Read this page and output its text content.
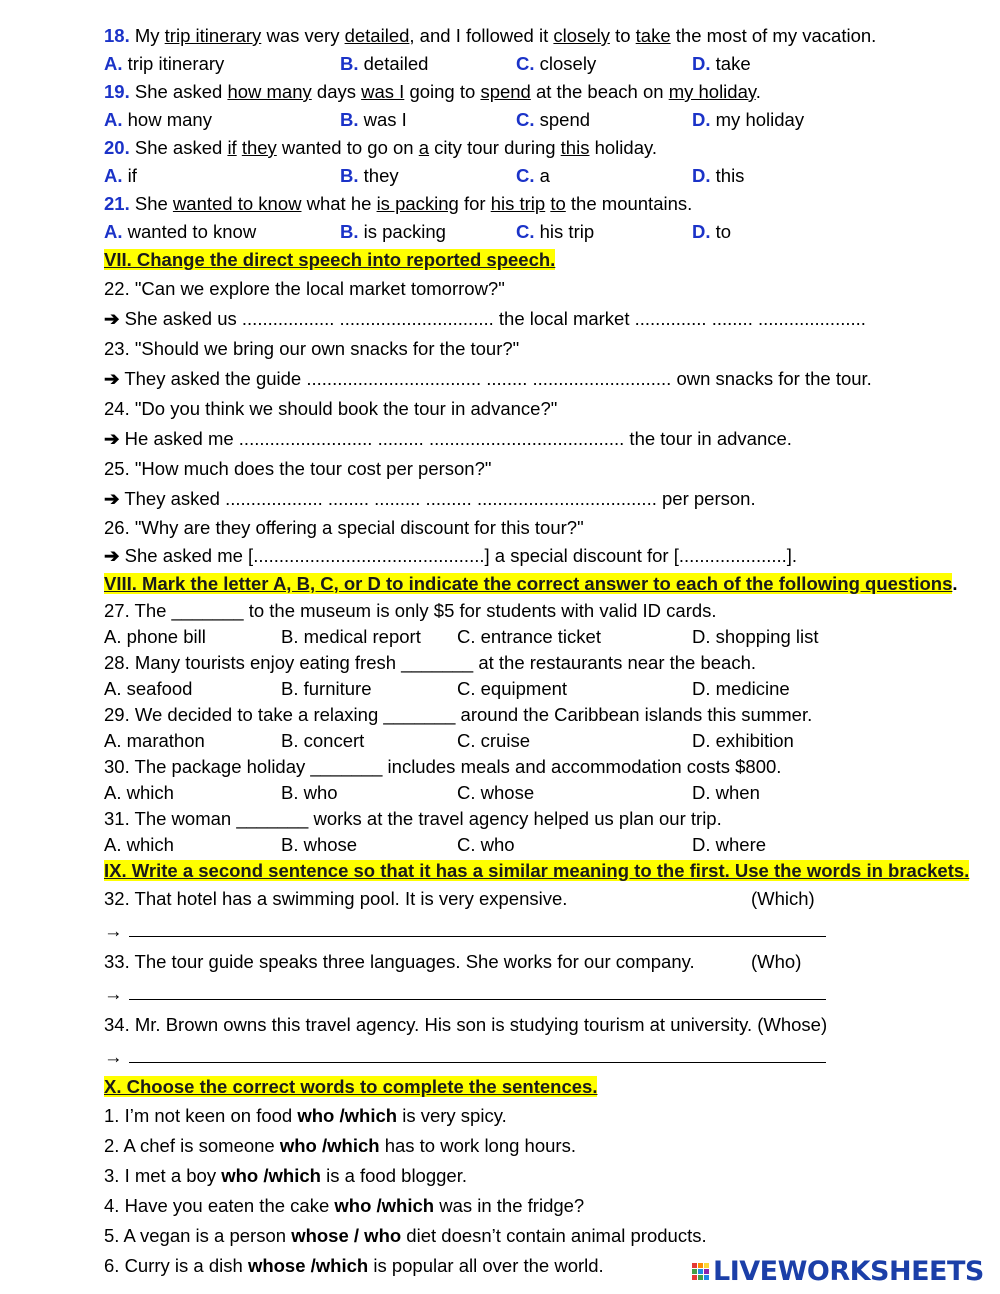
18. My trip itinerary was very detailed, and I followed it closely to take the most of my vacation.
A. trip itinerary	B. detailed	C. closely	D. take
19. She asked how many days was I going to spend at the beach on my holiday.
A. how many	B. was I	C. spend	D. my holiday
20. She asked if they wanted to go on a city tour during this holiday.
A. if	B. they	C. a	D. this
21. She wanted to know what he is packing for his trip to the mountains.
A. wanted to know	B. is packing	C. his trip	D. to
VII. Change the direct speech into reported speech.
22. "Can we explore the local market tomorrow?"
➔ She asked us .................. .............................. the local market .............. ........ .....................
23. "Should we bring our own snacks for the tour?"
➔ They asked the guide .................................. ........ ........................... own snacks for the tour.
24. "Do you think we should book the tour in advance?"
➔ He asked me .......................... ......... ...................................... the tour in advance.
25. "How much does the tour cost per person?"
➔ They asked ................... ........ ......... ......... ................................... per person.
26. "Why are they offering a special discount for this tour?"
➔ She asked me [.............................................] a special discount for [.....................].
VIII. Mark the letter A, B, C, or D to indicate the correct answer to each of the following questions.
27. The _______ to the museum is only $5 for students with valid ID cards.
A. phone bill	B. medical report C. entrance ticket	D. shopping list
28. Many tourists enjoy eating fresh _______ at the restaurants near the beach.
A. seafood	B. furniture	C. equipment	D. medicine
29. We decided to take a relaxing _______ around the Caribbean islands this summer.
A. marathon	B. concert	C. cruise	D. exhibition
30. The package holiday _______ includes meals and accommodation costs $800.
A. which	B. who	C. whose	D. when
31. The woman _______ works at the travel agency helped us plan our trip.
A. which	B. whose	C. who	D. where
IX. Write a second sentence so that it has a similar meaning to the first. Use the words in brackets.
32. That hotel has a swimming pool. It is very expensive.	(Which)
→
33. The tour guide speaks three languages. She works for our company.	(Who)
→
34. Mr. Brown owns this travel agency. His son is studying tourism at university. (Whose)
→
X. Choose the correct words to complete the sentences.
1. I’m not keen on food who /which is very spicy.
2. A chef is someone who /which has to work long hours.
3. I met a boy who /which is a food blogger.
4. Have you eaten the cake who /which was in the fridge?
5. A vegan is a person whose / who diet doesn’t contain animal products.
6. Curry is a dish whose /which is popular all over the world.	LIVEWORKSHEETS
